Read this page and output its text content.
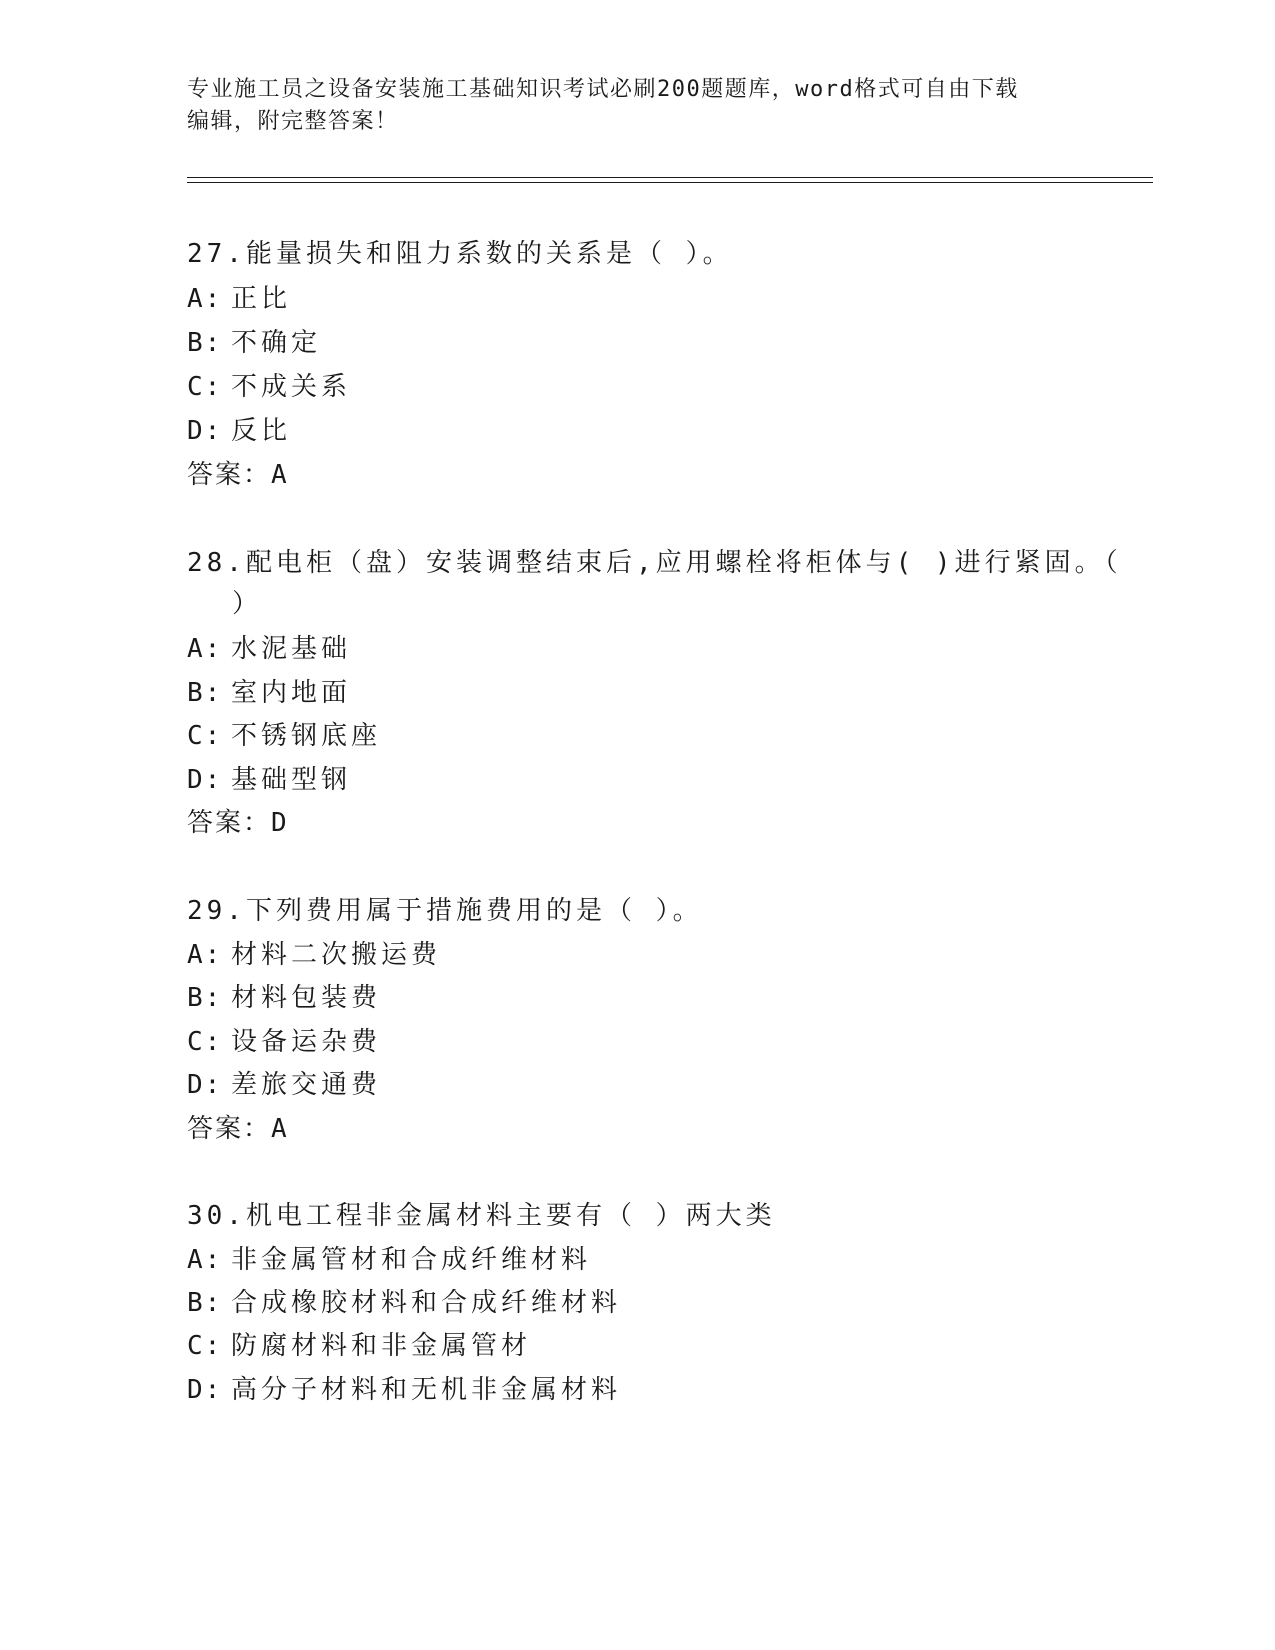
专业施工员之设备安装施工基础知识考试必刷200题题库，word格式可自由下载
编辑，附完整答案！
27.能量损失和阻力系数的关系是（ ）。
A: 正比
B: 不确定
C: 不成关系
D: 反比
答案：A
28.配电柜（盘）安装调整结束后,应用螺栓将柜体与( )进行紧固。（
）
A: 水泥基础
B: 室内地面
C: 不锈钢底座
D: 基础型钢
答案：D
29.下列费用属于措施费用的是（ ）。
A: 材料二次搬运费
B: 材料包装费
C: 设备运杂费
D: 差旅交通费
答案：A
30.机电工程非金属材料主要有（ ）两大类
A: 非金属管材和合成纤维材料
B: 合成橡胶材料和合成纤维材料
C: 防腐材料和非金属管材
D: 高分子材料和无机非金属材料
